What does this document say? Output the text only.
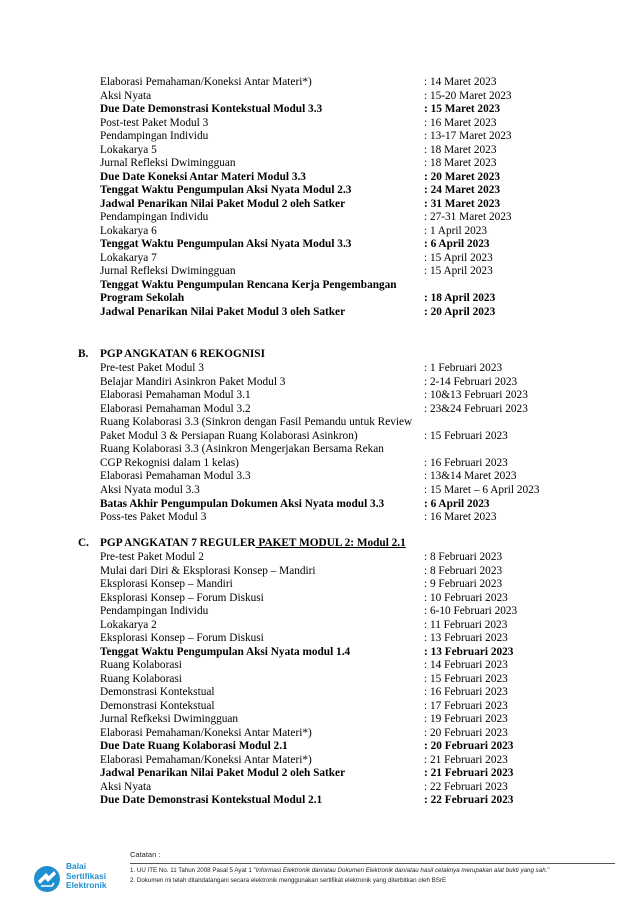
Elaborasi Pemahaman/Koneksi Antar Materi*)	: 14 Maret 2023
Aksi Nyata	: 15-20 Maret 2023
Due Date Demonstrasi Kontekstual Modul 3.3	: 15 Maret 2023
Post-test Paket Modul 3	: 16 Maret 2023
Pendampingan Individu	: 13-17 Maret 2023
Lokakarya 5	: 18 Maret 2023
Jurnal Refleksi Dwimingguan	: 18 Maret 2023
Due Date Koneksi Antar Materi Modul 3.3	: 20 Maret 2023
Tenggat Waktu Pengumpulan Aksi Nyata Modul 2.3	: 24 Maret 2023
Jadwal Penarikan Nilai Paket Modul 2 oleh Satker	: 31 Maret 2023
Pendampingan Individu	: 27-31 Maret 2023
Lokakarya 6	: 1 April 2023
Tenggat Waktu Pengumpulan Aksi Nyata Modul 3.3	: 6 April 2023
Lokakarya 7	: 15 April 2023
Jurnal Refleksi Dwimingguan	: 15 April 2023
Tenggat Waktu Pengumpulan Rencana Kerja Pengembangan
Program Sekolah	: 18 April 2023
Jadwal Penarikan Nilai Paket Modul 3 oleh Satker	: 20 April 2023
B. PGP ANGKATAN 6 REKOGNISI
Pre-test Paket Modul 3	: 1 Februari 2023
Belajar Mandiri Asinkron Paket Modul 3	: 2-14 Februari 2023
Elaborasi Pemahaman Modul 3.1	: 10&13 Februari 2023
Elaborasi Pemahaman Modul 3.2	: 23&24 Februari 2023
Ruang Kolaborasi 3.3 (Sinkron dengan Fasil Pemandu untuk Review
Paket Modul 3 & Persiapan Ruang Kolaborasi Asinkron)	: 15 Februari 2023
Ruang Kolaborasi 3.3 (Asinkron Mengerjakan Bersama Rekan
CGP Rekognisi dalam 1 kelas)	: 16 Februari 2023
Elaborasi Pemahaman Modul 3.3	: 13&14 Maret 2023
Aksi Nyata modul 3.3	: 15 Maret – 6 April 2023
Batas Akhir Pengumpulan Dokumen Aksi Nyata modul 3.3	: 6 April 2023
Poss-tes Paket Modul 3	: 16 Maret 2023
C. PGP ANGKATAN 7 REGULER PAKET MODUL 2: Modul 2.1
Pre-test Paket Modul 2	: 8 Februari 2023
Mulai dari Diri & Eksplorasi Konsep – Mandiri	: 8 Februari 2023
Eksplorasi Konsep – Mandiri	: 9 Februari 2023
Eksplorasi Konsep – Forum Diskusi	: 10 Februari 2023
Pendampingan Individu	: 6-10 Februari 2023
Lokakarya 2	: 11 Februari 2023
Eksplorasi Konsep – Forum Diskusi	: 13 Februari 2023
Tenggat Waktu Pengumpulan Aksi Nyata modul 1.4	: 13 Februari 2023
Ruang Kolaborasi	: 14 Februari 2023
Ruang Kolaborasi	: 15 Februari 2023
Demonstrasi Kontekstual	: 16 Februari 2023
Demonstrasi Kontekstual	: 17 Februari 2023
Jurnal Refkeksi Dwimingguan	: 19 Februari 2023
Elaborasi Pemahaman/Koneksi Antar Materi*)	: 20 Februari 2023
Due Date Ruang Kolaborasi Modul 2.1	: 20 Februari 2023
Elaborasi Pemahaman/Koneksi Antar Materi*)	: 21 Februari 2023
Jadwal Penarikan Nilai Paket Modul 2 oleh Satker	: 21 Februari 2023
Aksi Nyata	: 22 Februari 2023
Due Date Demonstrasi Kontekstual Modul 2.1	: 22 Februari 2023
Balai
Sertifikasi
Elektronik
Catatan :
1. UU ITE No. 11 Tahun 2008 Pasal 5 Ayat 1 "Informasi Elektronik dan/atau Dokumen Elektronik dan/atau hasil cetaknya merupakan alat bukti yang sah."
2. Dokumen ini telah ditandatangani secara elektronik menggunakan sertifikat elektronik yang diterbitkan oleh BSrE
